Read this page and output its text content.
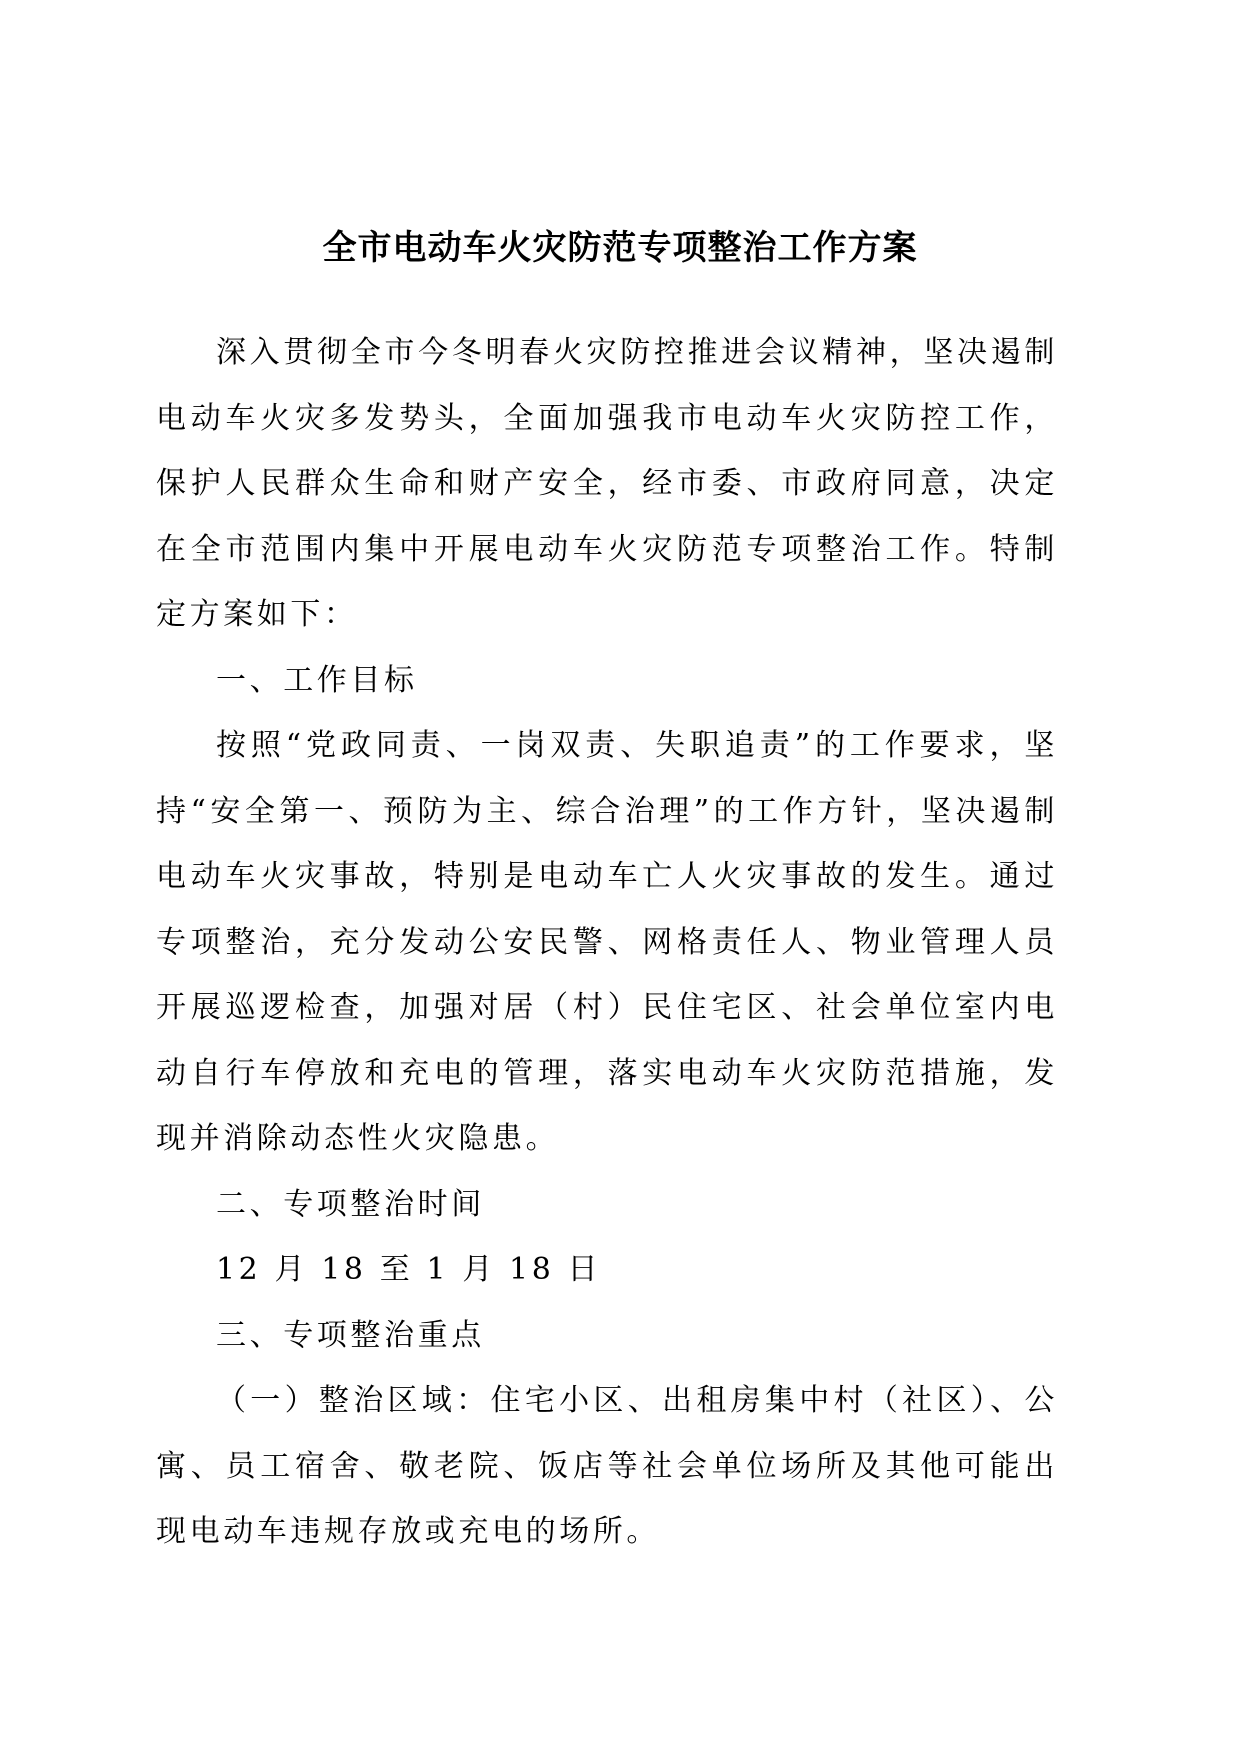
全市电动车火灾防范专项整治工作方案

深入贯彻全市今冬明春火灾防控推进会议精神，坚决遏制电动车火灾多发势头，全面加强我市电动车火灾防控工作，保护人民群众生命和财产安全，经市委、市政府同意，决定在全市范围内集中开展电动车火灾防范专项整治工作。特制定方案如下：

一、工作目标

按照“党政同责、一岗双责、失职追责”的工作要求，坚持“安全第一、预防为主、综合治理”的工作方针，坚决遏制电动车火灾事故，特别是电动车亡人火灾事故的发生。通过专项整治，充分发动公安民警、网格责任人、物业管理人员开展巡逻检查，加强对居（村）民住宅区、社会单位室内电动自行车停放和充电的管理，落实电动车火灾防范措施，发现并消除动态性火灾隐患。

二、专项整治时间

12 月 18 至 1 月 18 日

三、专项整治重点

（一）整治区域：住宅小区、出租房集中村（社区）、公寓、员工宿舍、敬老院、饭店等社会单位场所及其他可能出现电动车违规存放或充电的场所。
